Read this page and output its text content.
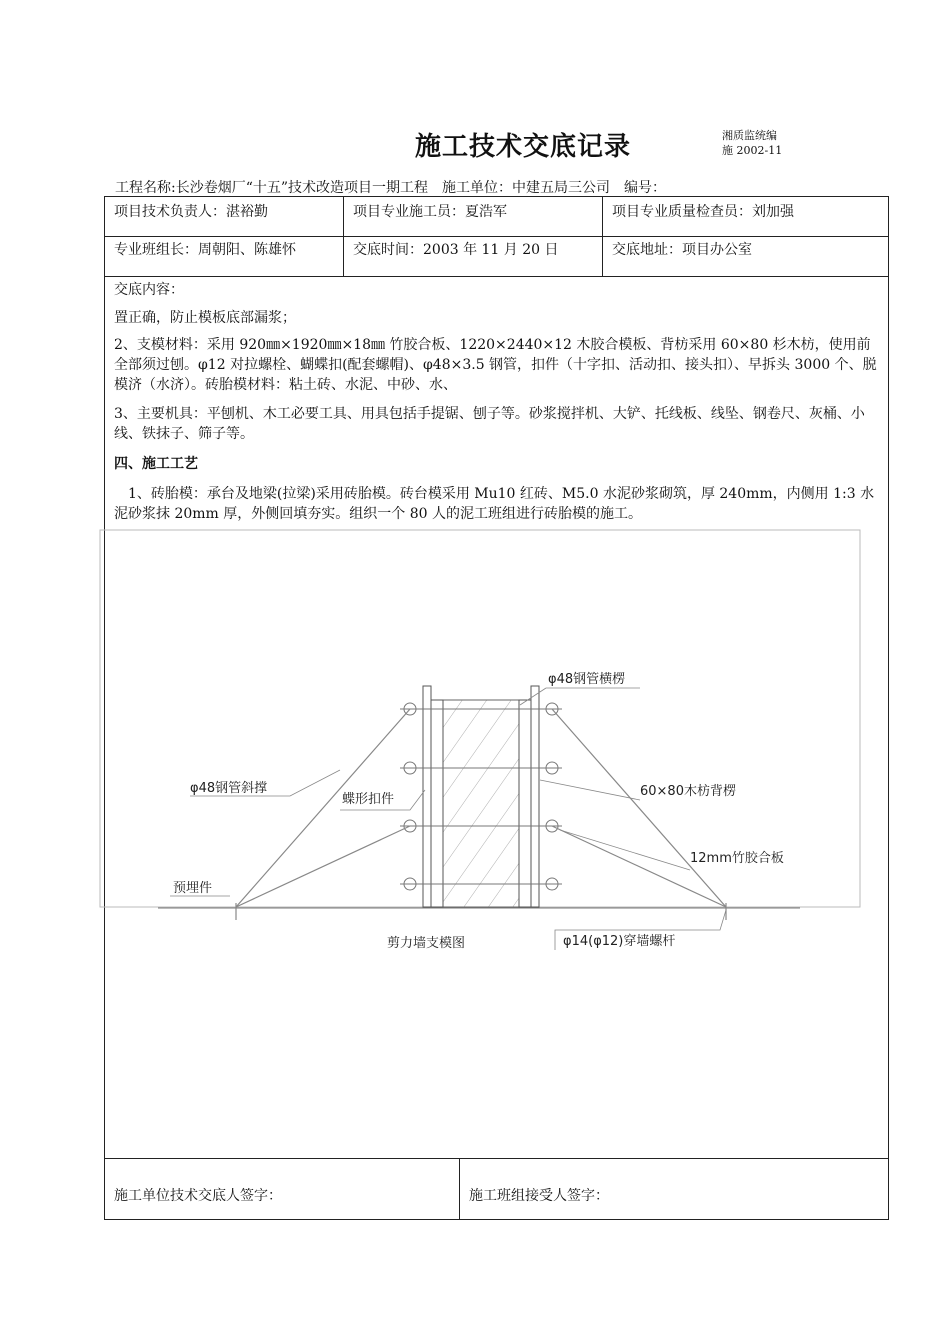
施工技术交底记录	湘质监统编
施 2002-11
工程名称:长沙卷烟厂“十五”技术改造项目一期工程　施工单位：中建五局三公司　编号：
项目技术负责人：湛裕勤	项目专业施工员：夏浩军	项目专业质量检查员：刘加强
专业班组长：周朝阳、陈雄怀	交底时间：2003 年 11 月 20 日	交底地址：项目办公室
交底内容：
置正确，防止模板底部漏浆；
2、支模材料：采用 920㎜×1920㎜×18㎜ 竹胶合板、1220×2440×12 木胶合模板、背枋采用 60×80 杉木枋，使用前全部须过刨。φ12 对拉螺栓、蝴蝶扣(配套螺帽)、φ48×3.5 钢管，扣件（十字扣、活动扣、接头扣）、早拆头 3000 个、脱模济（水济）。砖胎模材料：粘土砖、水泥、中砂、水、
3、主要机具：平刨机、木工必要工具、用具包括手提锯、刨子等。砂浆搅拌机、大铲、托线板、线坠、钢卷尺、灰桶、小线、铁抹子、筛子等。
四、施工工艺
1、砖胎模：承台及地梁(拉梁)采用砖胎模。砖台模采用 Mu10 红砖、M5.0 水泥砂浆砌筑，厚 240mm，内侧用 1:3 水泥砂浆抹 20mm 厚，外侧回填夯实。组织一个 80 人的泥工班组进行砖胎模的施工。
施工单位技术交底人签字：	施工班组接受人签字：
φ48钢管横楞
φ48钢管斜撑
蝶形扣件
60×80木枋背楞
12mm竹胶合板
预埋件
φ14(φ12)穿墙螺杆
剪力墙支模图
